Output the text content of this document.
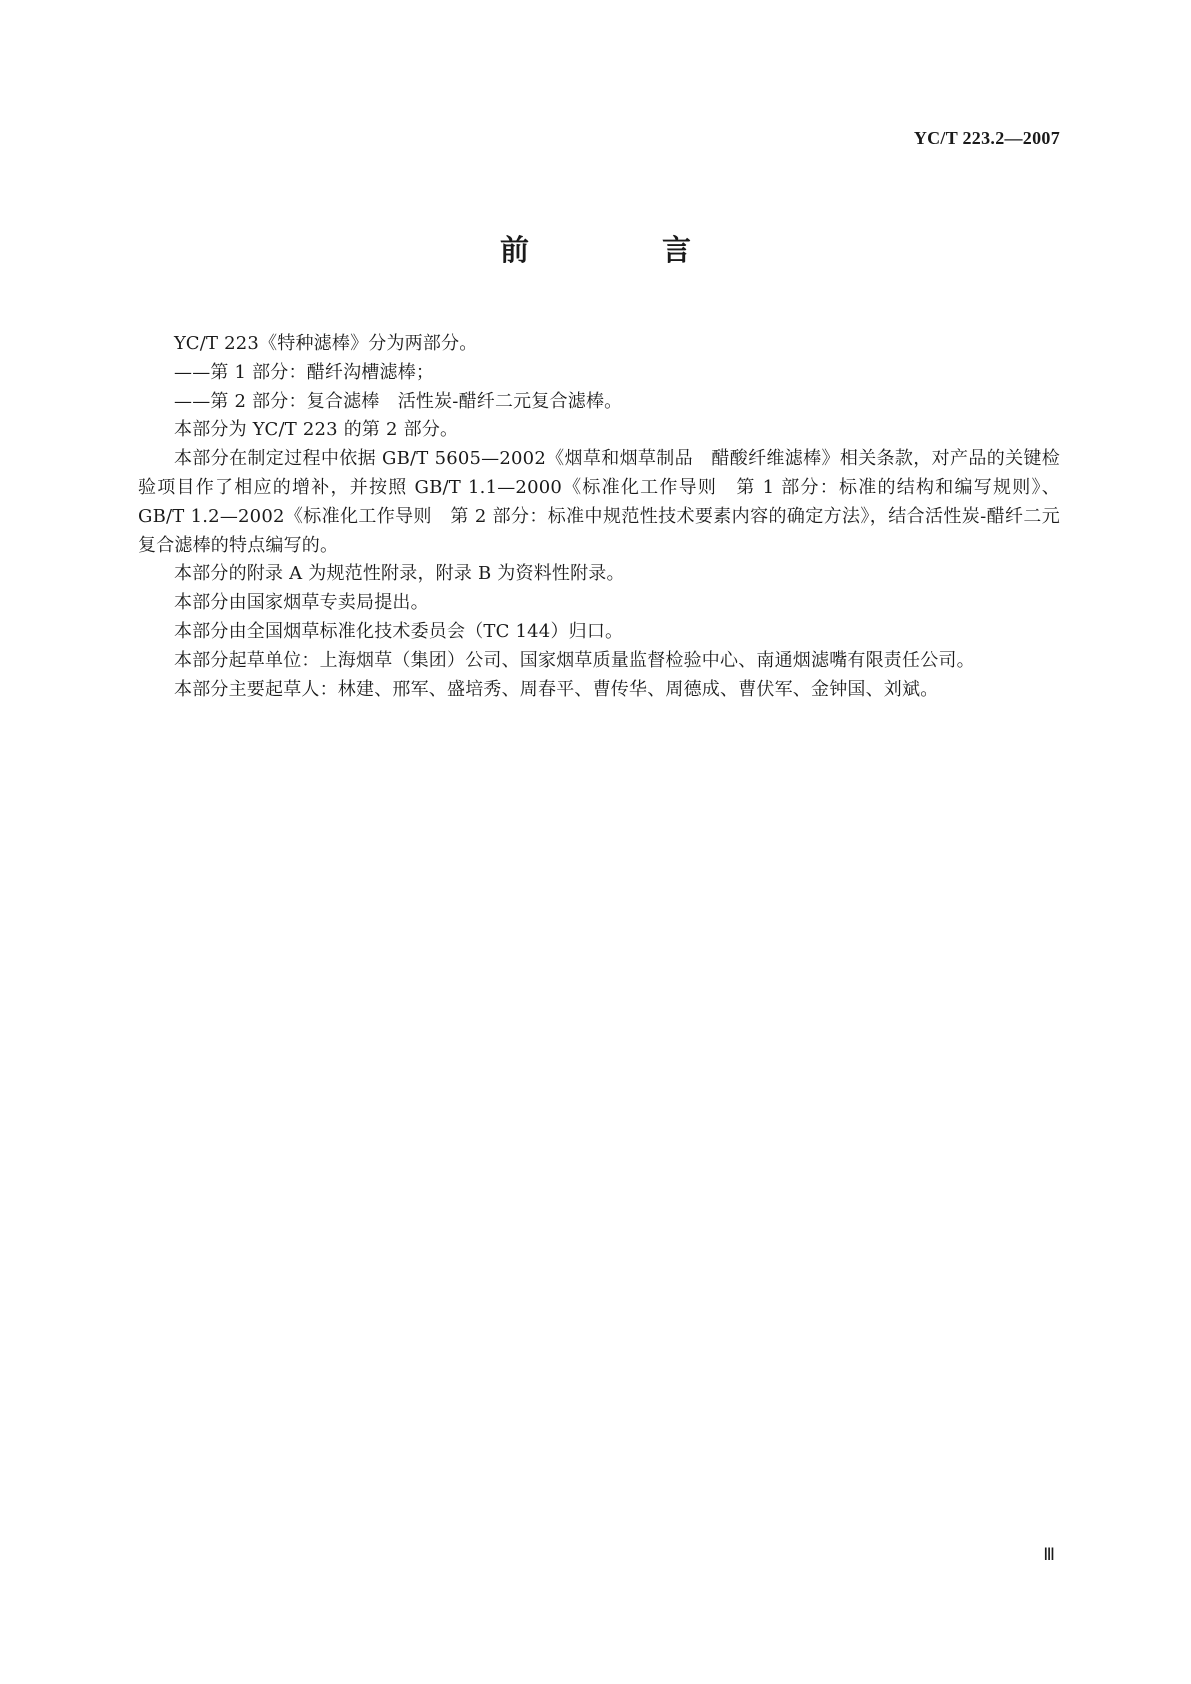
YC/T 223.2—2007
前　言

YC/T 223《特种滤棒》分为两部分。

——第 1 部分：醋纤沟槽滤棒；

——第 2 部分：复合滤棒　活性炭-醋纤二元复合滤棒。

本部分为 YC/T 223 的第 2 部分。

本部分在制定过程中依据 GB/T 5605—2002《烟草和烟草制品　醋酸纤维滤棒》相关条款，对产品的关键检验项目作了相应的增补，并按照 GB/T 1.1—2000《标准化工作导则　第 1 部分：标准的结构和编写规则》、GB/T 1.2—2002《标准化工作导则　第 2 部分：标准中规范性技术要素内容的确定方法》，结合活性炭-醋纤二元复合滤棒的特点编写的。

本部分的附录 A 为规范性附录，附录 B 为资料性附录。

本部分由国家烟草专卖局提出。

本部分由全国烟草标准化技术委员会（TC 144）归口。

本部分起草单位：上海烟草（集团）公司、国家烟草质量监督检验中心、南通烟滤嘴有限责任公司。

本部分主要起草人：林建、邢军、盛培秀、周春平、曹传华、周德成、曹伏军、金钟国、刘斌。

Ⅲ
